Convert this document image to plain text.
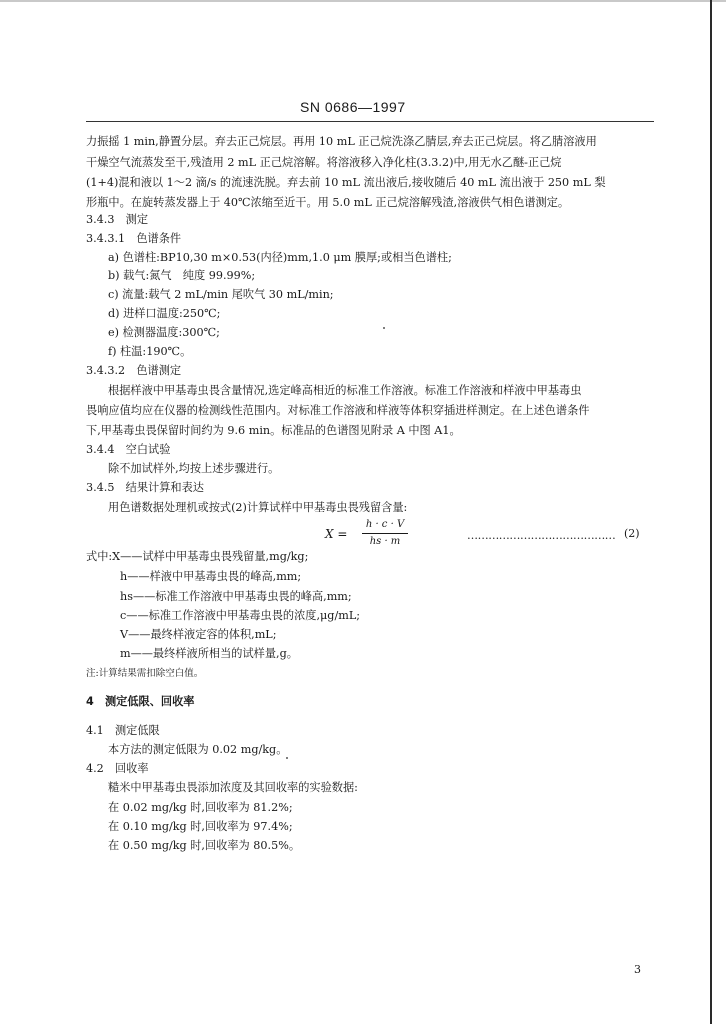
SN 0686—1997
力振摇 1 min,静置分层。弃去正己烷层。再用 10 mL 正己烷洗涤乙腈层,弃去正己烷层。将乙腈溶液用
干燥空气流蒸发至干,残渣用 2 mL 正己烷溶解。将溶液移入净化柱(3.3.2)中,用无水乙醚-正己烷
(1+4)混和液以 1～2 滴/s 的流速洗脱。弃去前 10 mL 流出液后,接收随后 40 mL 流出液于 250 mL 梨
形瓶中。在旋转蒸发器上于 40℃浓缩至近干。用 5.0 mL 正己烷溶解残渣,溶液供气相色谱测定。
3.4.3　测定
3.4.3.1　色谱条件
a) 色谱柱:BP10,30 m×0.53(内径)mm,1.0 μm 膜厚;或相当色谱柱;
b) 载气:氮气　纯度 99.99%;
c) 流量:载气 2 mL/min 尾吹气 30 mL/min;
d) 进样口温度:250℃;
e) 检测器温度:300℃;
f) 柱温:190℃。
3.4.3.2　色谱测定
根据样液中甲基毒虫畏含量情况,选定峰高相近的标准工作溶液。标准工作溶液和样液中甲基毒虫
畏响应值均应在仪器的检测线性范围内。对标准工作溶液和样液等体积穿插进样测定。在上述色谱条件
下,甲基毒虫畏保留时间约为 9.6 min。标准品的色谱图见附录 A 中图 A1。
3.4.4　空白试验
除不加试样外,均按上述步骤进行。
3.4.5　结果计算和表达
用色谱数据处理机或按式(2)计算试样中甲基毒虫畏残留含量:
X =
h · c · V
hs · m	…………………………………… (2)
式中:X——试样中甲基毒虫畏残留量,mg/kg;
h——样液中甲基毒虫畏的峰高,mm;
hs——标准工作溶液中甲基毒虫畏的峰高,mm;
c——标准工作溶液中甲基毒虫畏的浓度,μg/mL;
V——最终样液定容的体积,mL;
m——最终样液所相当的试样量,g。
注:计算结果需扣除空白值。
4　测定低限、回收率
4.1　测定低限
本方法的测定低限为 0.02 mg/kg。
4.2　回收率
糙米中甲基毒虫畏添加浓度及其回收率的实验数据:
在 0.02 mg/kg 时,回收率为 81.2%;
在 0.10 mg/kg 时,回收率为 97.4%;
在 0.50 mg/kg 时,回收率为 80.5%。
3
